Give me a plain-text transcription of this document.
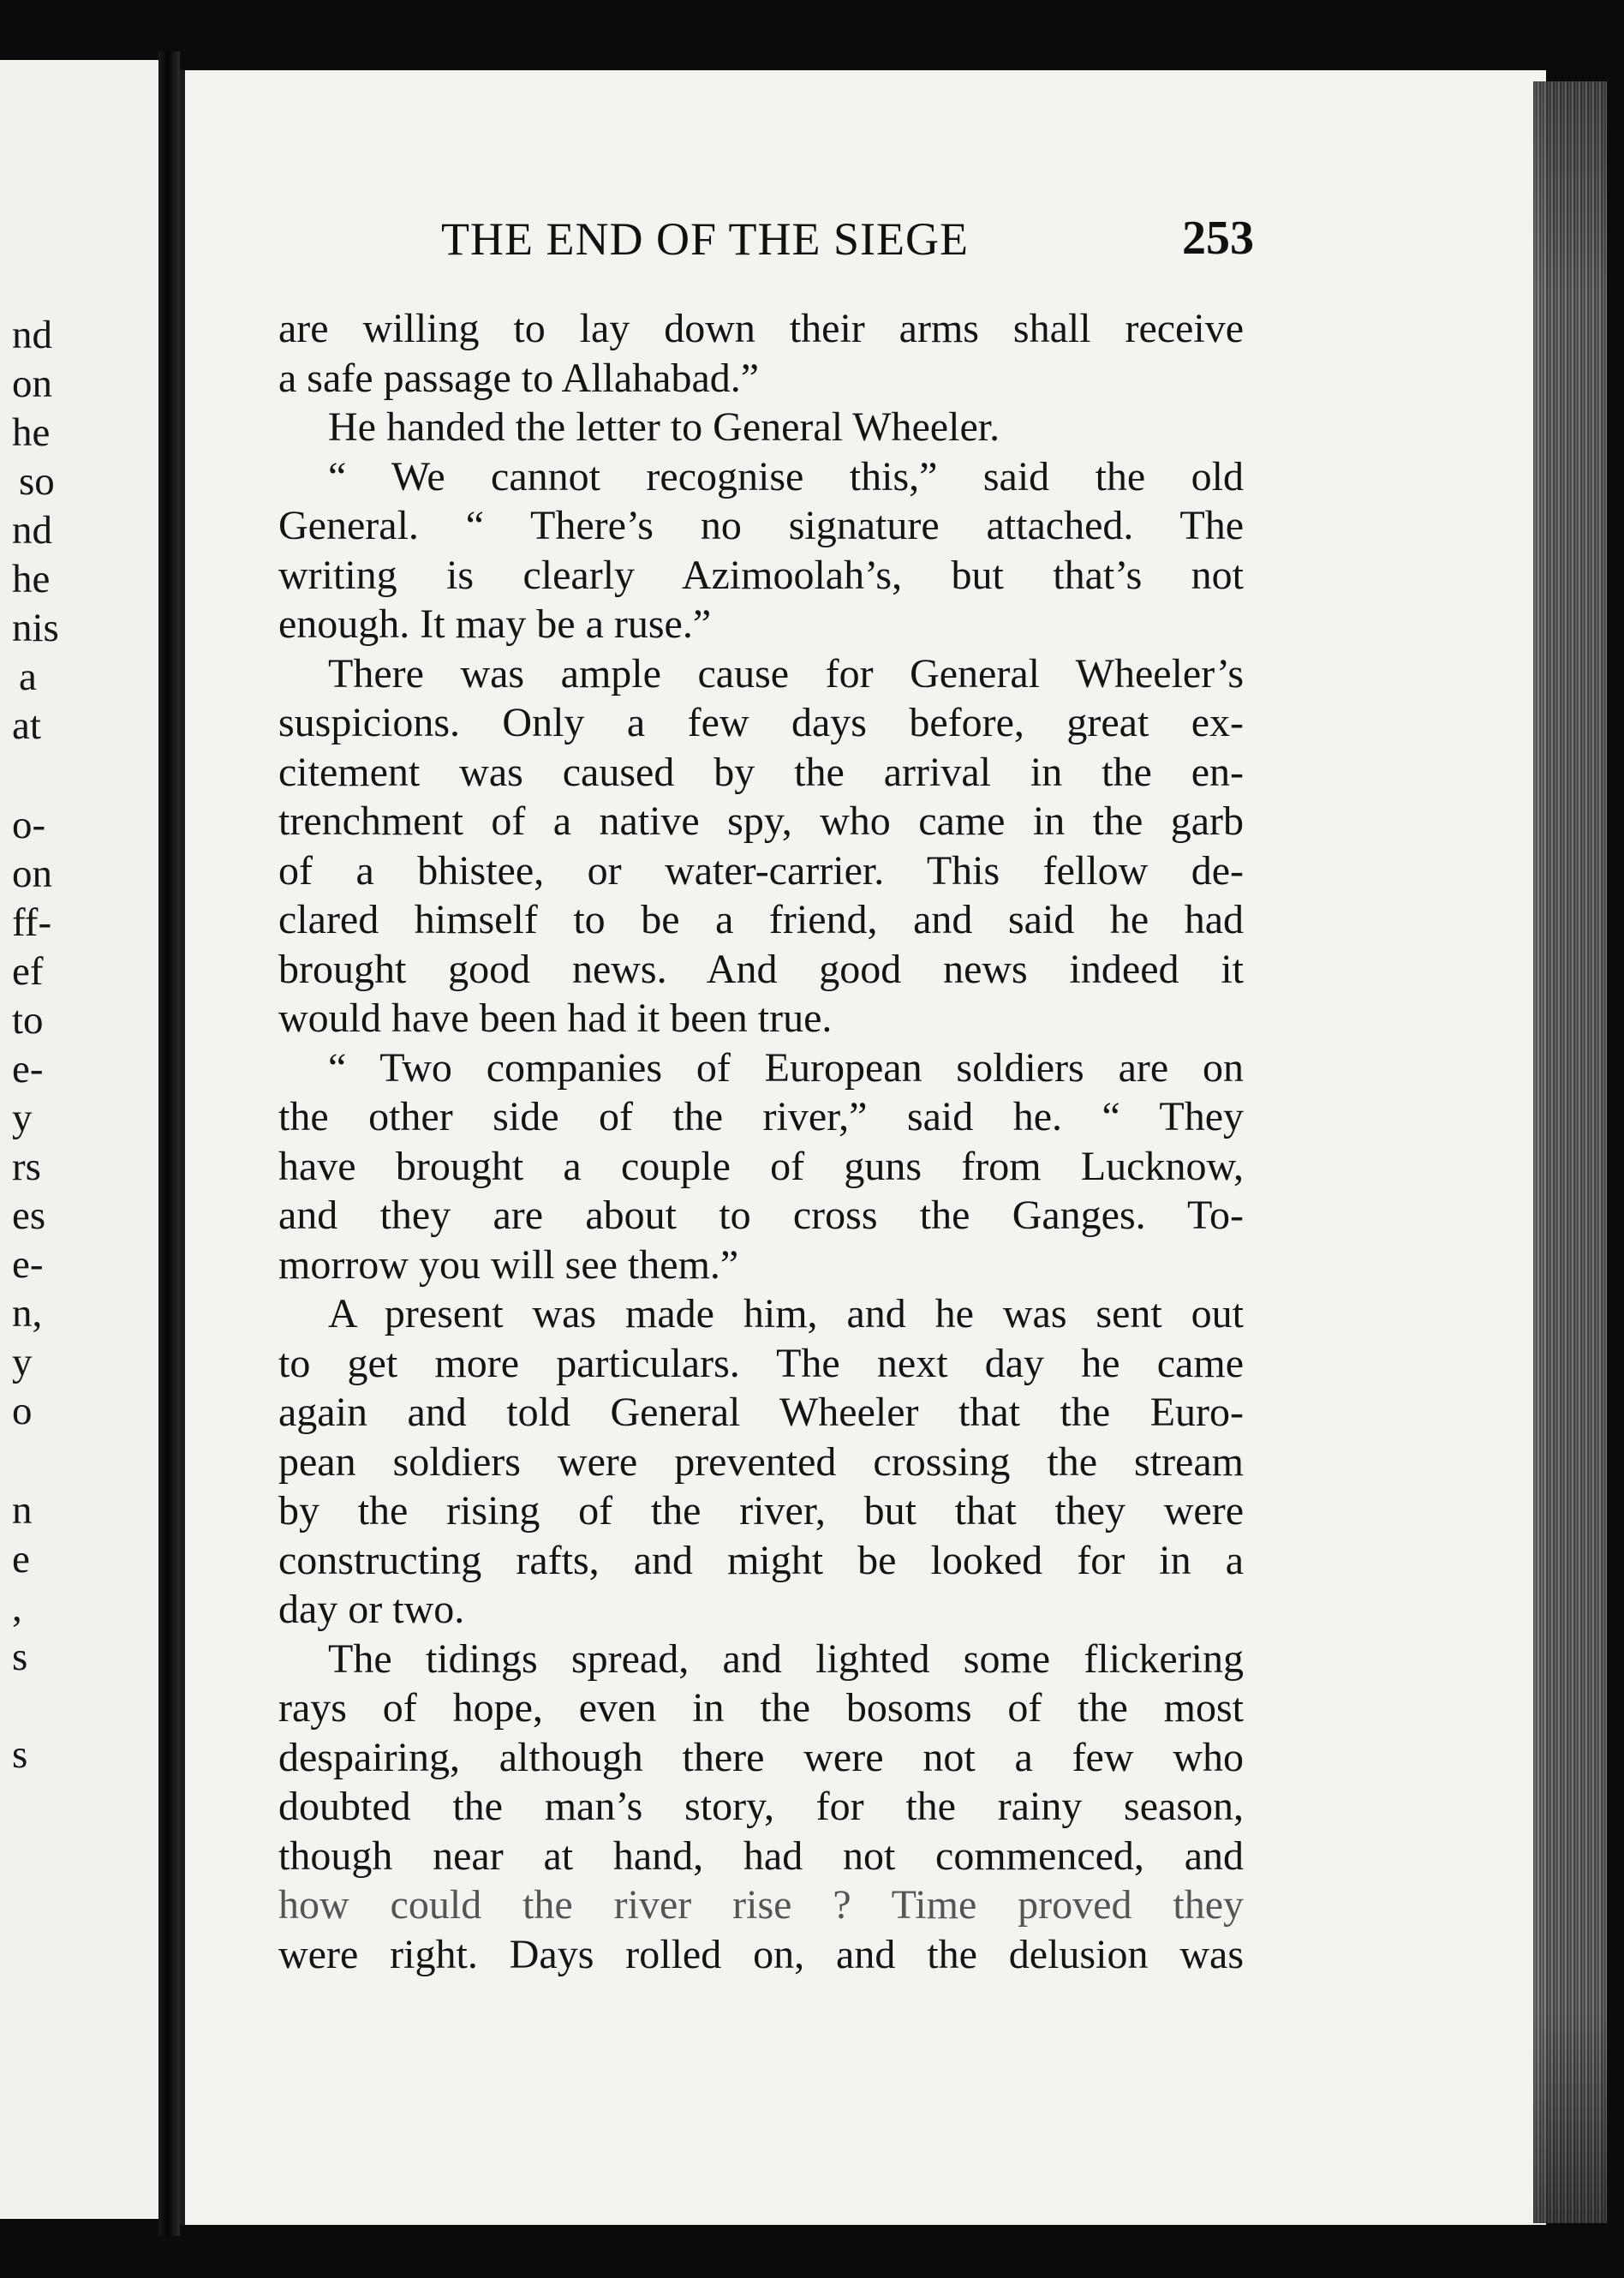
nd
on
he
so
nd
he
nis
a
at
o-
on
ff-
ef
to
e-
y
rs
es
e-
n,
y
o
n
e
,
s
s
THE END OF THE SIEGE	253
are willing to lay down their arms shall receive
a safe passage to Allahabad.”
He handed the letter to General Wheeler.
“ We cannot recognise this,” said the old
General. “ There’s no signature attached. The
writing is clearly Azimoolah’s, but that’s not
enough. It may be a ruse.”
There was ample cause for General Wheeler’s
suspicions. Only a few days before, great ex-
citement was caused by the arrival in the en-
trenchment of a native spy, who came in the garb
of a bhistee, or water-carrier. This fellow de-
clared himself to be a friend, and said he had
brought good news. And good news indeed it
would have been had it been true.
“ Two companies of European soldiers are on
the other side of the river,” said he. “ They
have brought a couple of guns from Lucknow,
and they are about to cross the Ganges. To-
morrow you will see them.”
A present was made him, and he was sent out
to get more particulars. The next day he came
again and told General Wheeler that the Euro-
pean soldiers were prevented crossing the stream
by the rising of the river, but that they were
constructing rafts, and might be looked for in a
day or two.
The tidings spread, and lighted some flickering
rays of hope, even in the bosoms of the most
despairing, although there were not a few who
doubted the man’s story, for the rainy season,
though near at hand, had not commenced, and
how could the river rise ? Time proved they
were right. Days rolled on, and the delusion was
